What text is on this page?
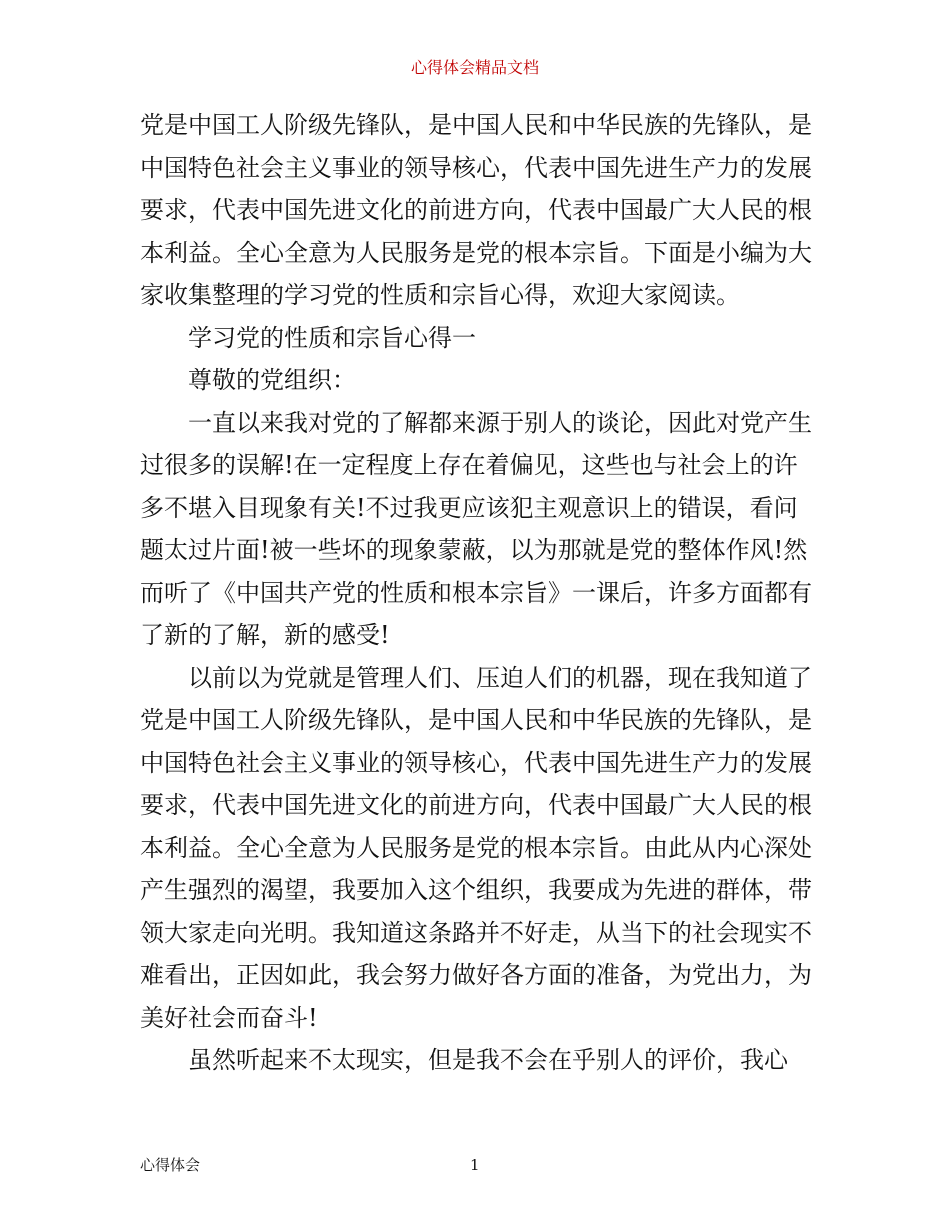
心得体会精品文档

党是中国工人阶级先锋队，是中国人民和中华民族的先锋队，是中国特色社会主义事业的领导核心，代表中国先进生产力的发展要求，代表中国先进文化的前进方向，代表中国最广大人民的根本利益。全心全意为人民服务是党的根本宗旨。下面是小编为大家收集整理的学习党的性质和宗旨心得，欢迎大家阅读。

学习党的性质和宗旨心得一

尊敬的党组织：

一直以来我对党的了解都来源于别人的谈论，因此对党产生过很多的误解!在一定程度上存在着偏见，这些也与社会上的许多不堪入目现象有关!不过我更应该犯主观意识上的错误，看问题太过片面!被一些坏的现象蒙蔽，以为那就是党的整体作风!然而听了《中国共产党的性质和根本宗旨》一课后，许多方面都有了新的了解，新的感受!

以前以为党就是管理人们、压迫人们的机器，现在我知道了党是中国工人阶级先锋队，是中国人民和中华民族的先锋队，是中国特色社会主义事业的领导核心，代表中国先进生产力的发展要求，代表中国先进文化的前进方向，代表中国最广大人民的根本利益。全心全意为人民服务是党的根本宗旨。由此从内心深处产生强烈的渴望，我要加入这个组织，我要成为先进的群体，带领大家走向光明。我知道这条路并不好走，从当下的社会现实不难看出，正因如此，我会努力做好各方面的准备，为党出力，为美好社会而奋斗!

虽然听起来不太现实，但是我不会在乎别人的评价，我心

心得体会	1
